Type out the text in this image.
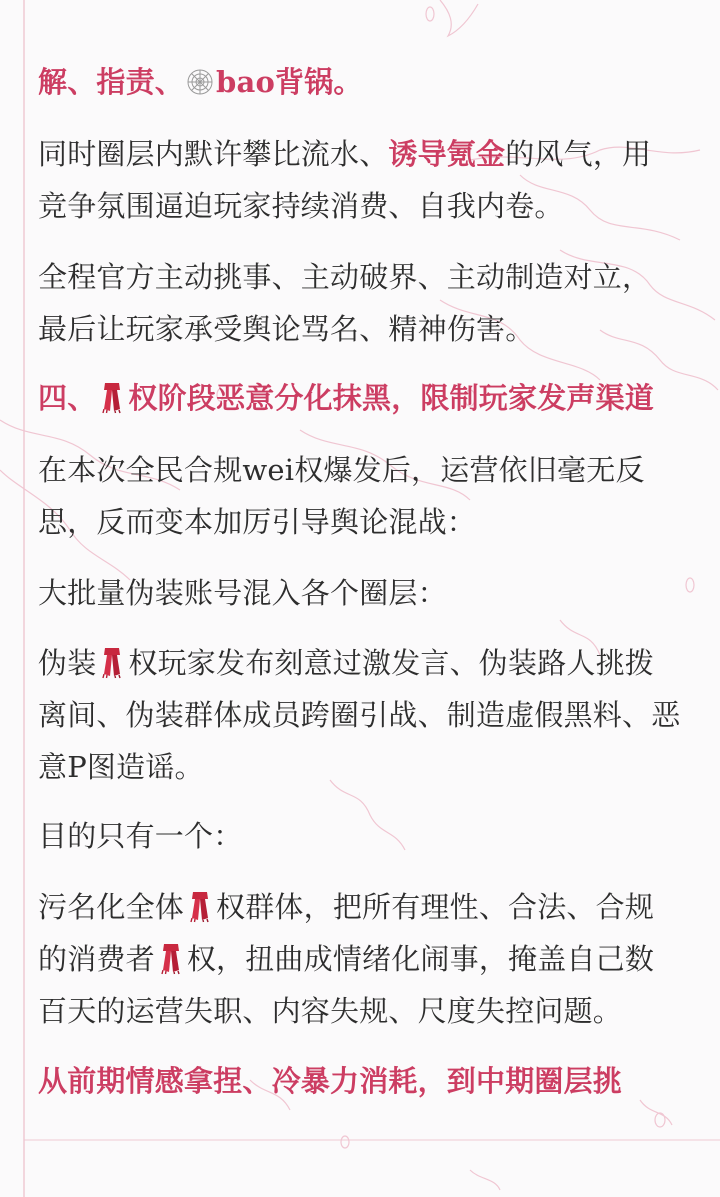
解、指责、 bao背锅。
同时圈层内默许攀比流水、诱导氪金的风气，用
竞争氛围逼迫玩家持续消费、自我内卷。
全程官方主动挑事、主动破界、主动制造对立，
最后让玩家承受舆论骂名、精神伤害。
四、 权阶段恶意分化抹黑，限制玩家发声渠道
在本次全民合规wei权爆发后，运营依旧毫无反
思，反而变本加厉引导舆论混战：
大批量伪装账号混入各个圈层：
伪装 权玩家发布刻意过激发言、伪装路人挑拨
离间、伪装群体成员跨圈引战、制造虚假黑料、恶
意P图造谣。
目的只有一个：
污名化全体 权群体，把所有理性、合法、合规
的消费者 权，扭曲成情绪化闹事，掩盖自己数
百天的运营失职、内容失规、尺度失控问题。
从前期情感拿捏、冷暴力消耗，到中期圈层挑
